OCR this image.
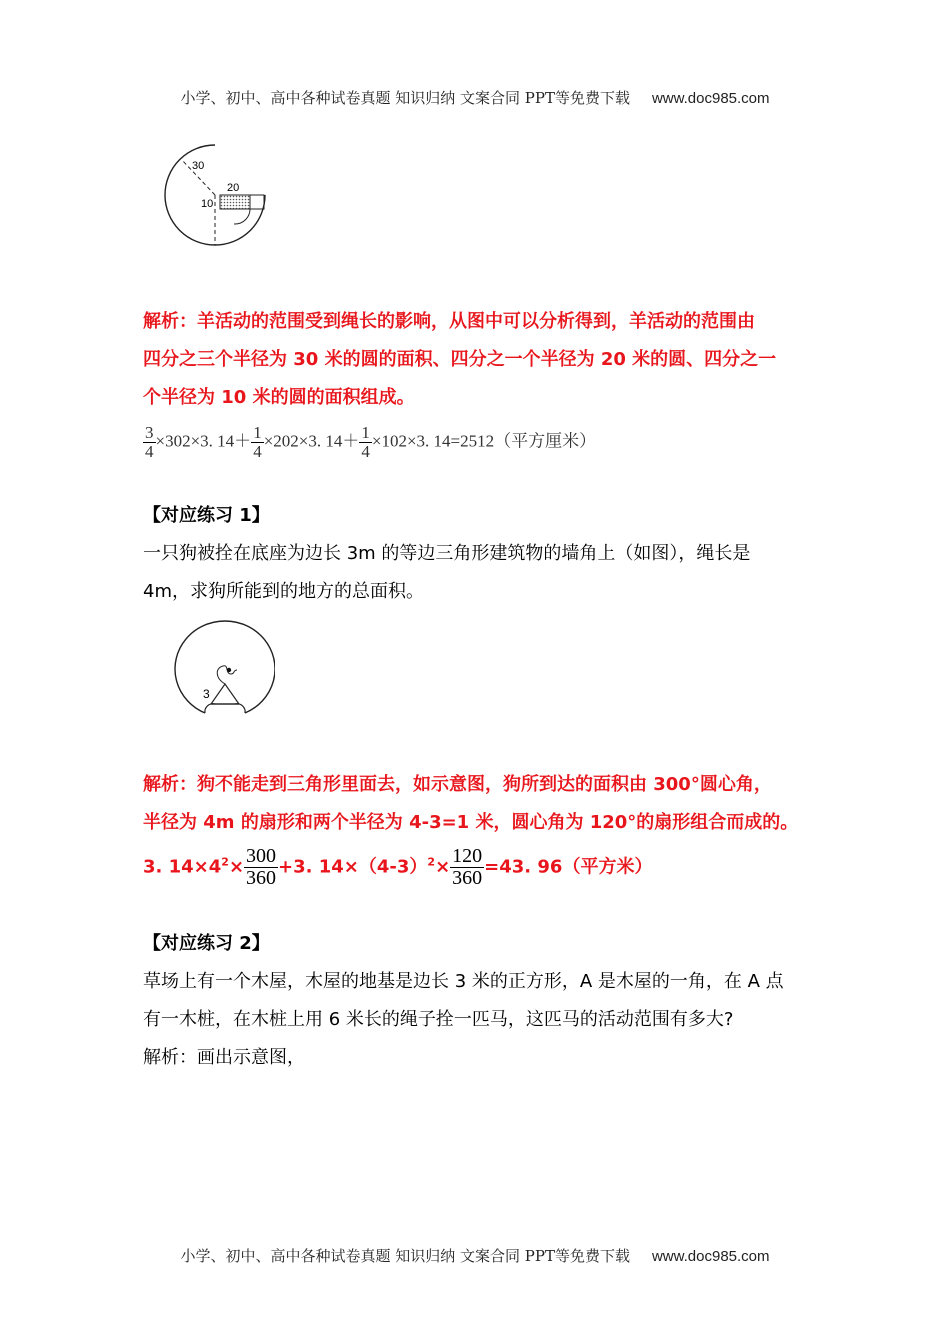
小学、初中、高中各种试卷真题 知识归纳 文案合同 PPT等免费下载 www.doc985.com
30
20
10
解析：羊活动的范围受到绳长的影响，从图中可以分析得到，羊活动的范围由
四分之三个半径为 30 米的圆的面积、四分之一个半径为 20 米的圆、四分之一
个半径为 10 米的圆的面积组成。
$\frac{3}{4} \times 302\times 3$. $14+ \frac{1}{4} \times 202\times 3$. $14+ \frac{1}{4} \times 102\times 3$. 14=2512（平方厘米）
【对应练习 1】
一只狗被拴在底座为边长 3m 的等边三角形建筑物的墙角上（如图），绳长是
4m，求狗所能到的地方的总面积。
3
解析：狗不能走到三角形里面去，如示意图，狗所到达的面积由 300°圆心角，
半径为 4m 的扇形和两个半径为 4-3=1 米，圆心角为 120°的扇形组合而成的。
3. $14\times 4^2\times \frac{300}{360} +3$. $14\times(4-3)^2\times \frac{120}{360} =43$. 96（平方米）
【对应练习 2】
草场上有一个木屋，木屋的地基是边长 3 米的正方形，A 是木屋的一角，在 A 点
有一木桩，在木桩上用 6 米长的绳子拴一匹马，这匹马的活动范围有多大?
解析：画出示意图，
小学、初中、高中各种试卷真题 知识归纳 文案合同 PPT等免费下载 www.doc985.com
